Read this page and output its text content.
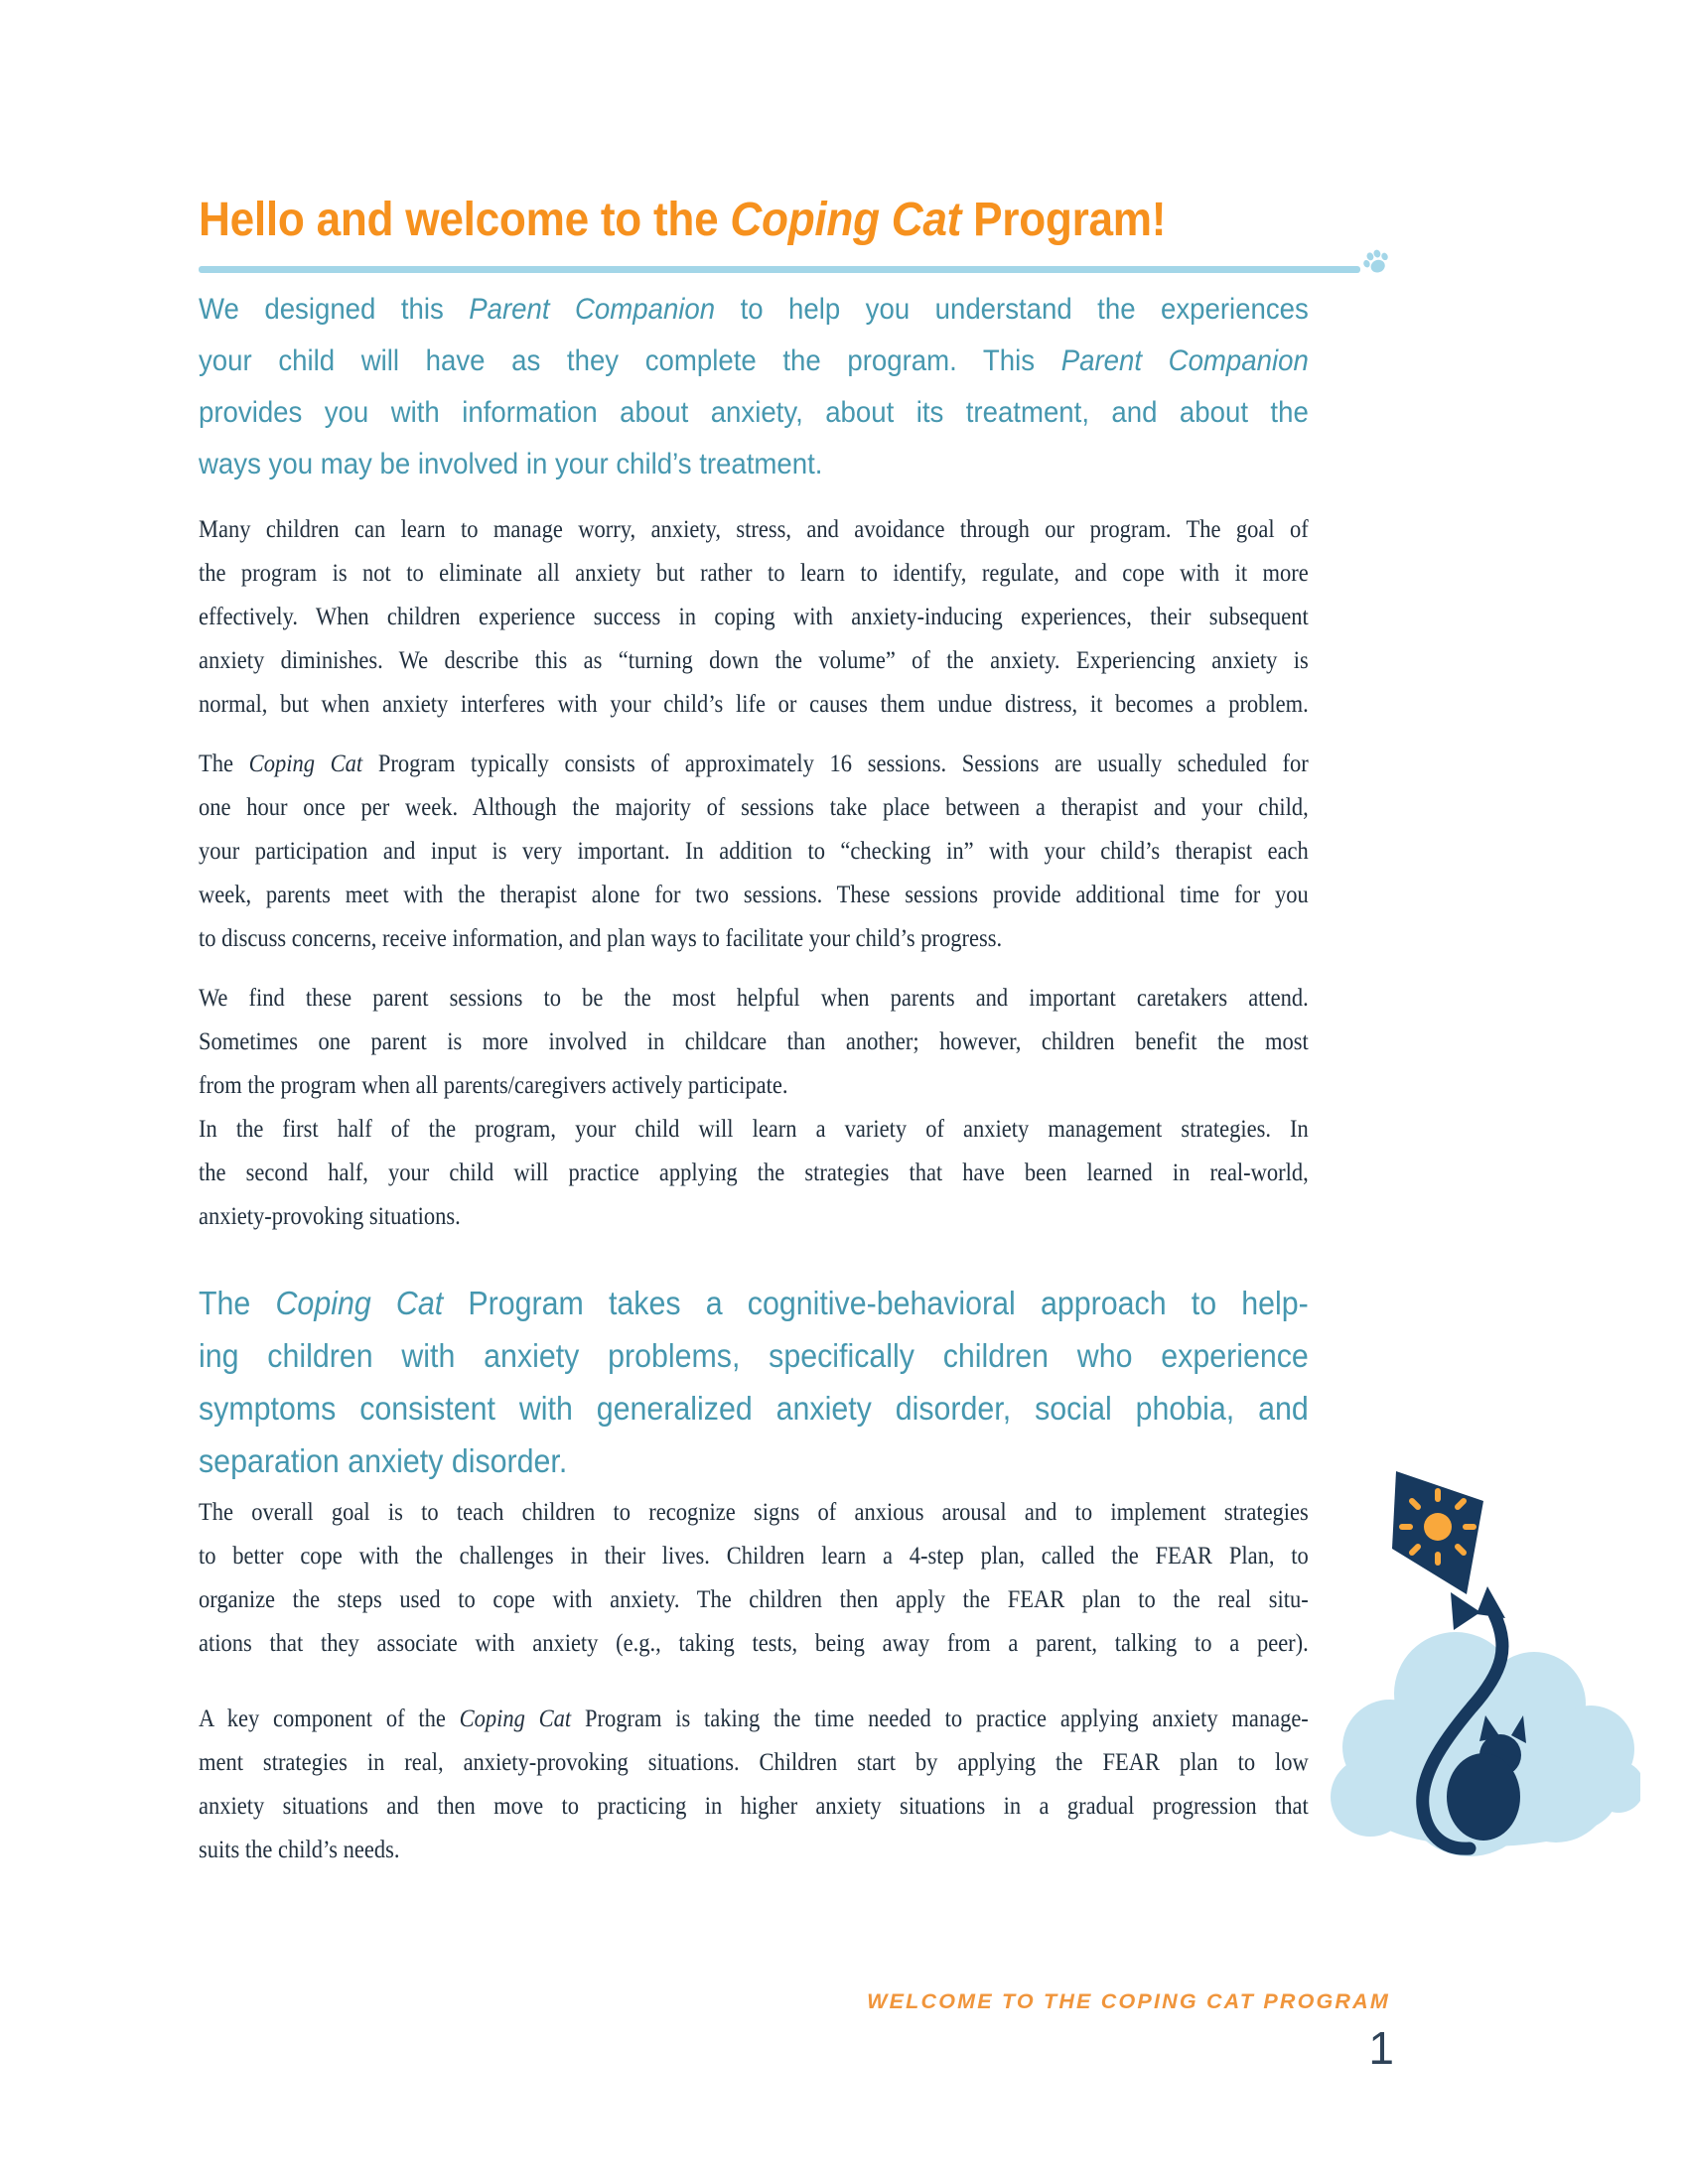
Hello and welcome to the Coping Cat Program!
We designed this Parent Companion to help you understand the experiences
your child will have as they complete the program. This Parent Companion
provides you with information about anxiety, about its treatment, and about the
ways you may be involved in your child’s treatment.
Many children can learn to manage worry, anxiety, stress, and avoidance through our program. The goal of
the program is not to eliminate all anxiety but rather to learn to identify, regulate, and cope with it more
effectively. When children experience success in coping with anxiety-inducing experiences, their subsequent
anxiety diminishes. We describe this as “turning down the volume” of the anxiety. Experiencing anxiety is
normal, but when anxiety interferes with your child’s life or causes them undue distress, it becomes a problem.
The Coping Cat Program typically consists of approximately 16 sessions. Sessions are usually scheduled for
one hour once per week. Although the majority of sessions take place between a therapist and your child,
your participation and input is very important. In addition to “checking in” with your child’s therapist each
week, parents meet with the therapist alone for two sessions. These sessions provide additional time for you
to discuss concerns, receive information, and plan ways to facilitate your child’s progress.
We find these parent sessions to be the most helpful when parents and important caretakers attend.
Sometimes one parent is more involved in childcare than another; however, children benefit the most
from the program when all parents/caregivers actively participate.
In the first half of the program, your child will learn a variety of anxiety management strategies. In
the second half, your child will practice applying the strategies that have been learned in real-world,
anxiety-provoking situations.
The Coping Cat Program takes a cognitive-behavioral approach to help-
ing children with anxiety problems, specifically children who experience
symptoms consistent with generalized anxiety disorder, social phobia, and
separation anxiety disorder.
The overall goal is to teach children to recognize signs of anxious arousal and to implement strategies
to better cope with the challenges in their lives. Children learn a 4-step plan, called the FEAR Plan, to
organize the steps used to cope with anxiety. The children then apply the FEAR plan to the real situ-
ations that they associate with anxiety (e.g., taking tests, being away from a parent, talking to a peer).
A key component of the Coping Cat Program is taking the time needed to practice applying anxiety manage-
ment strategies in real, anxiety-provoking situations. Children start by applying the FEAR plan to low
anxiety situations and then move to practicing in higher anxiety situations in a gradual progression that
suits the child’s needs.
WELCOME TO THE COPING CAT PROGRAM
1
